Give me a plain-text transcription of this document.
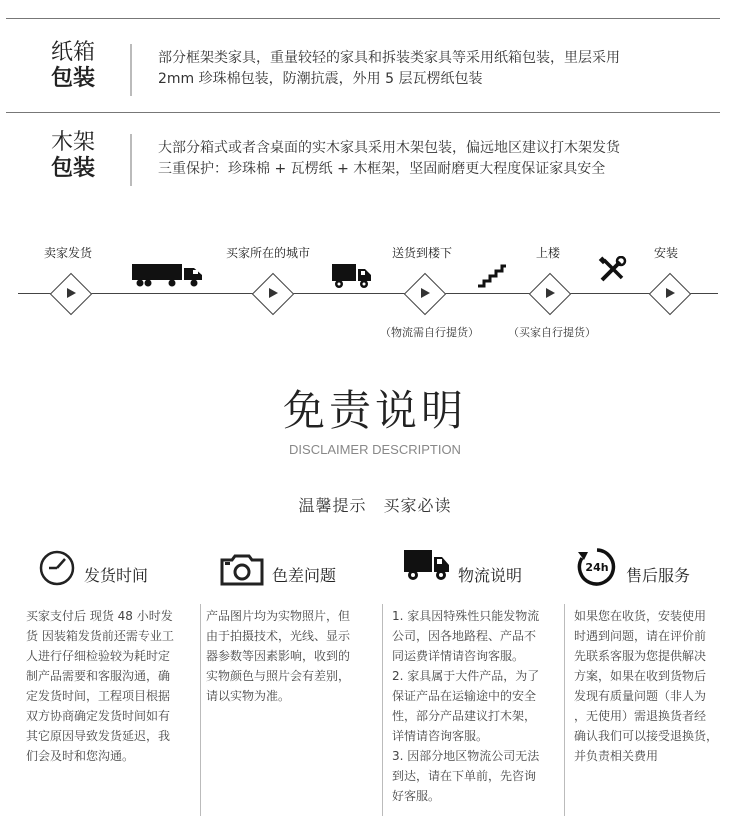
纸箱
包装
部分框架类家具，重量较轻的家具和拆装类家具等采用纸箱包装，里层采用
2mm 珍珠棉包装，防潮抗震，外用 5 层瓦楞纸包装
木架
包装
大部分箱式或者含桌面的实木家具采用木架包装，偏远地区建议打木架发货
三重保护：珍珠棉 + 瓦楞纸 + 木框架，坚固耐磨更大程度保证家具安全
卖家发货	买家所在的城市	送货到楼下	上楼	安装
（物流需自行提货）	（买家自行提货）
免责说明
DISCLAIMER DESCRIPTION
温馨提示　买家必读
发货时间
买家支付后 现货 48 小时发
货 因装箱发货前还需专业工
人进行仔细检验较为耗时定
制产品需要和客服沟通，确
定发货时间，工程项目根据
双方协商确定发货时间如有
其它原因导致发货延迟，我
们会及时和您沟通。
色差问题
产品图片均为实物照片，但
由于拍摄技术，光线、显示
器参数等因素影响，收到的
实物颜色与照片会有差别，
请以实物为准。
物流说明
1. 家具因特殊性只能发物流
公司，因各地路程、产品不
同运费详情请咨询客服。
2. 家具属于大件产品，为了
保证产品在运输途中的安全
性，部分产品建议打木架，
详情请咨询客服。
3. 因部分地区物流公司无法
到达，请在下单前，先咨询
好客服。
24h 售后服务
如果您在收货，安装使用
时遇到问题，请在评价前
先联系客服为您提供解决
方案，如果在收到货物后
发现有质量问题（非人为
，无使用）需退换货者经
确认我们可以接受退换货，
并负责相关费用
